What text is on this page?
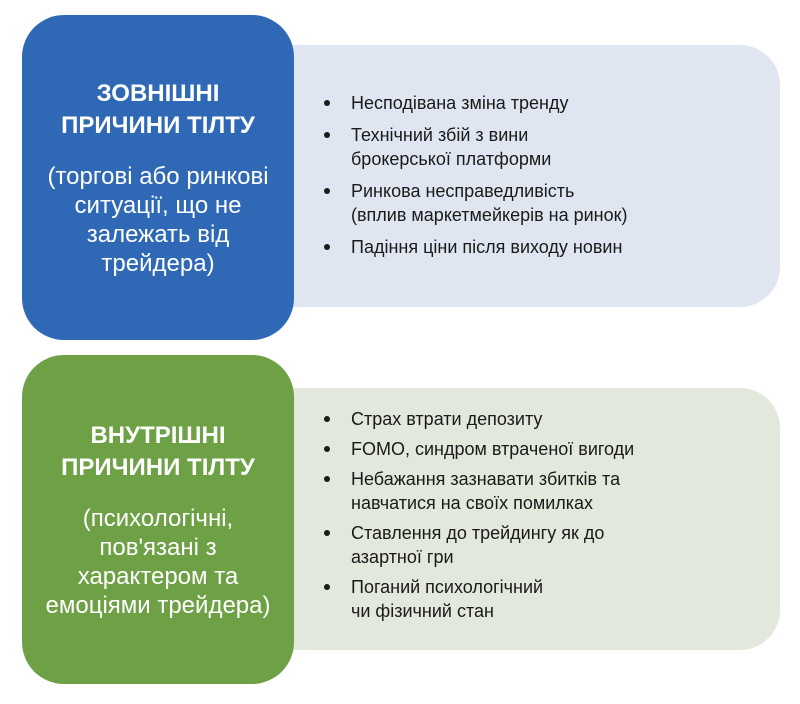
ЗОВНІШНІ ПРИЧИНИ ТІЛТУ
(торгові або ринкові ситуації, що не залежать від трейдера)
Несподівана зміна тренду
Технічний збій з вини
брокерської платформи
Ринкова несправедливість
(вплив маркетмейкерів на ринок)
Падіння ціни після виходу новин
ВНУТРІШНІ ПРИЧИНИ ТІЛТУ
(психологічні, пов'язані з характером та емоціями трейдера)
Страх втрати депозиту
FOMO, синдром втраченої вигоди
Небажання зазнавати збитків та
навчатися на своїх помилках
Ставлення до трейдингу як до
азартної гри
Поганий психологічний
чи фізичний стан
